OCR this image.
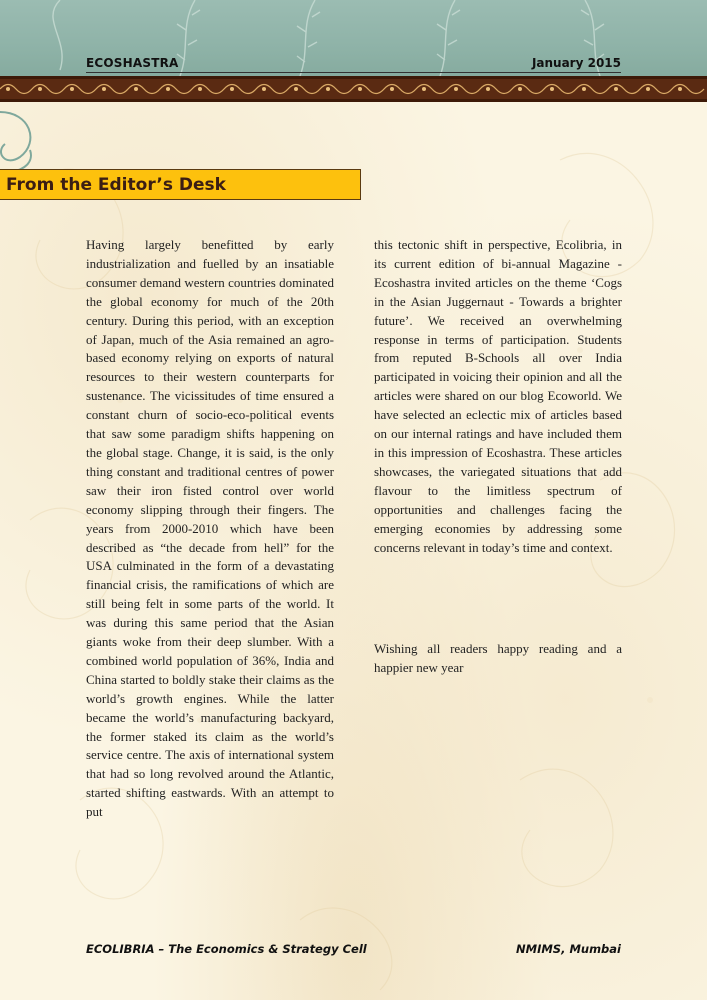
ECOSHASTRA	January 2015
From the Editor’s Desk

Having largely benefitted by early industrialization and fuelled by an insatiable consumer demand western countries dominated the global economy for much of the 20th century. During this period, with an exception of Japan, much of the Asia remained an agro-based economy relying on exports of natural resources to their western counterparts for sustenance. The vicissitudes of time ensured a constant churn of socio-eco-political events that saw some paradigm shifts happening on the global stage. Change, it is said, is the only thing constant and traditional centres of power saw their iron fisted control over world economy slipping through their fingers. The years from 2000-2010 which have been described as “the decade from hell” for the USA culminated in the form of a devastating financial crisis, the ramifications of which are still being felt in some parts of the world. It was during this same period that the Asian giants woke from their deep slumber. With a combined world population of 36%, India and China started to boldly stake their claims as the world’s growth engines. While the latter became the world’s manufacturing backyard, the former staked its claim as the world’s service centre. The axis of international system that had so long revolved around the Atlantic, started shifting eastwards. With an attempt to put

this tectonic shift in perspective, Ecolibria, in its current edition of bi-annual Magazine - Ecoshastra invited articles on the theme ‘Cogs in the Asian Juggernaut - Towards a brighter future’. We received an overwhelming response in terms of participation. Students from reputed B-Schools all over India participated in voicing their opinion and all the articles were shared on our blog Ecoworld. We have selected an eclectic mix of articles based on our internal ratings and have included them in this impression of Ecoshastra. These articles showcases, the variegated situations that add flavour to the limitless spectrum of opportunities and challenges facing the emerging economies by addressing some concerns relevant in today’s time and context.

Wishing all readers happy reading and a happier new year
ECOLIBRIA – The Economics & Strategy Cell	NMIMS, Mumbai
